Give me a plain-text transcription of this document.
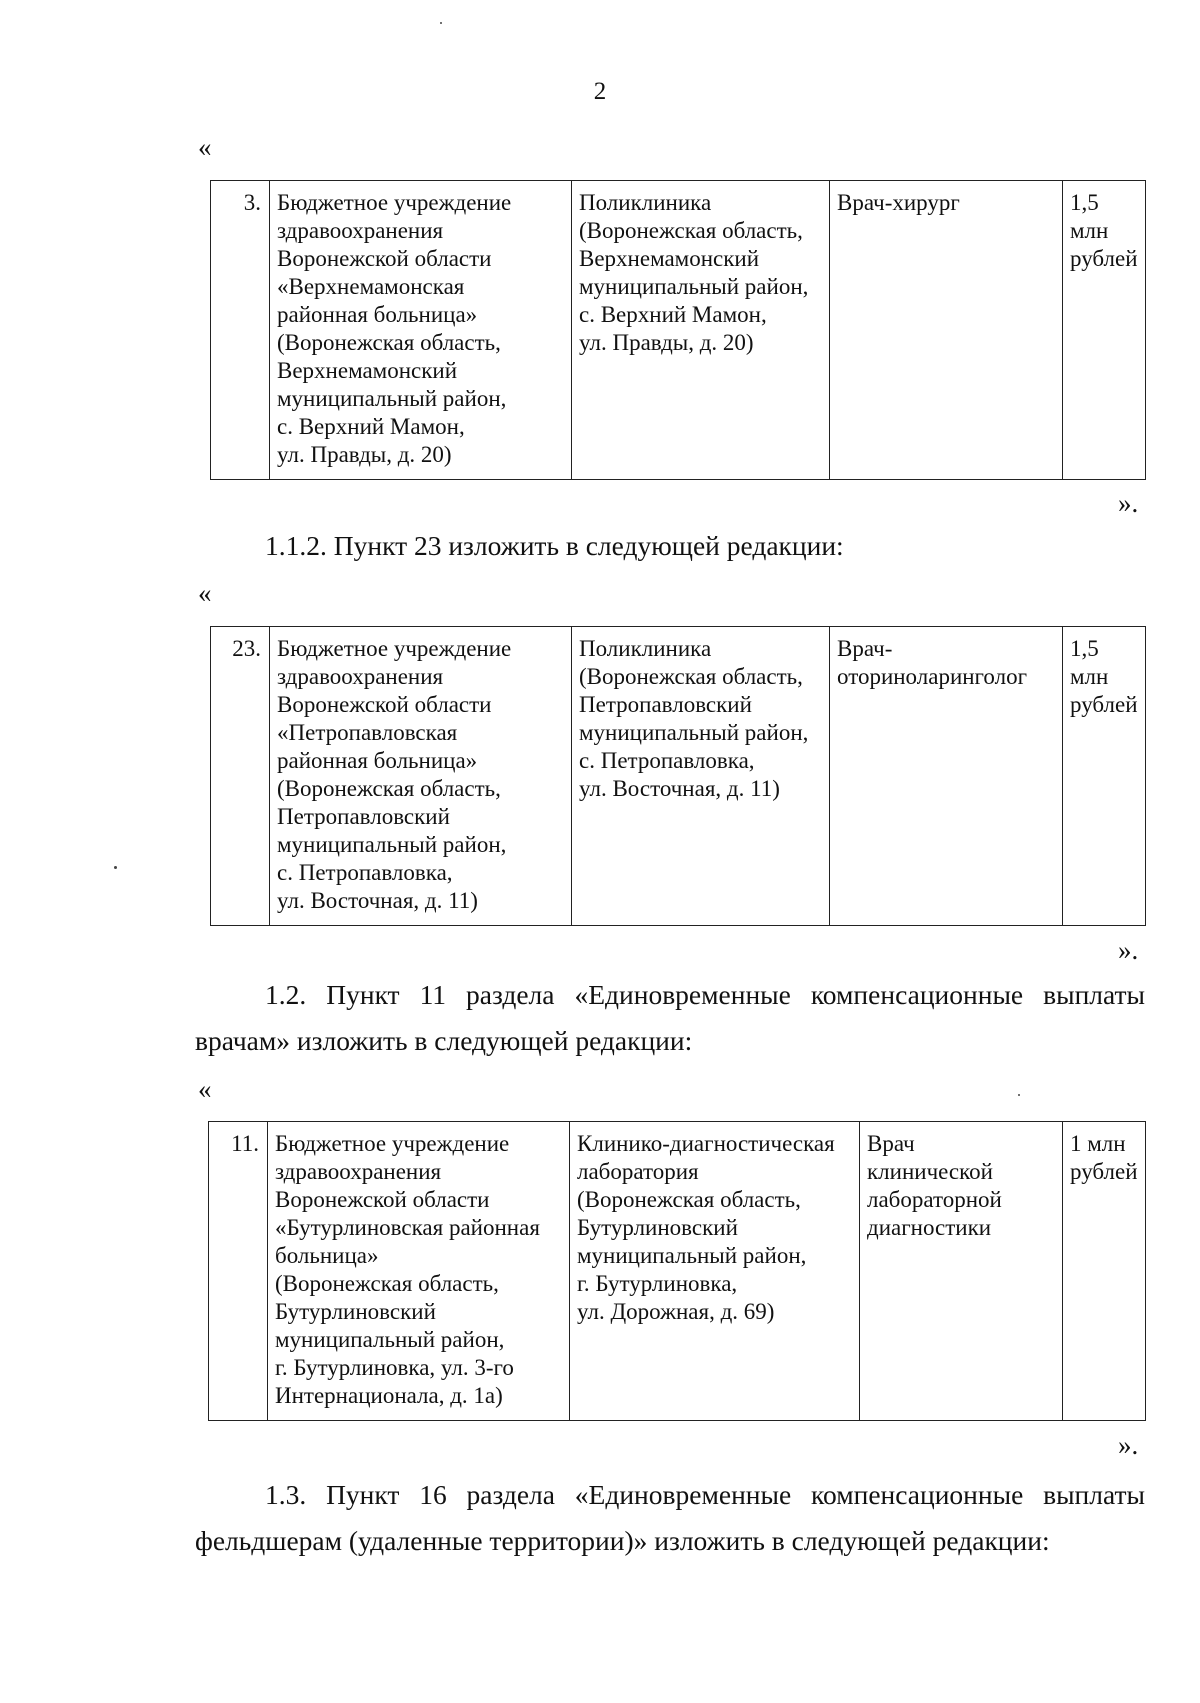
2
«
3.	Бюджетное учреждение
здравоохранения
Воронежской области
«Верхнемамонская
районная больница»
(Воронежская область,
Верхнемамонский
муниципальный район,
с. Верхний Мамон,
ул. Правды, д. 20)	Поликлиника
(Воронежская область,
Верхнемамонский
муниципальный район,
с. Верхний Мамон,
ул. Правды, д. 20)	Врач-хирург	1,5
млн
рублей
».
1.1.2. Пункт 23 изложить в следующей редакции:
«
23.	Бюджетное учреждение
здравоохранения
Воронежской области
«Петропавловская
районная больница»
(Воронежская область,
Петропавловский
муниципальный район,
с. Петропавловка,
ул. Восточная, д. 11)	Поликлиника
(Воронежская область,
Петропавловский
муниципальный район,
с. Петропавловка,
ул. Восточная, д. 11)	Врач-
оториноларинголог	1,5
млн
рублей
».
1.2. Пункт 11 раздела «Единовременные компенсационные выплаты врачам» изложить в следующей редакции:
«
11.	Бюджетное учреждение
здравоохранения
Воронежской области
«Бутурлиновская районная
больница»
(Воронежская область,
Бутурлиновский
муниципальный район,
г. Бутурлиновка, ул. 3-го
Интернационала, д. 1а)	Клинико-диагностическая
лаборатория
(Воронежская область,
Бутурлиновский
муниципальный район,
г. Бутурлиновка,
ул. Дорожная, д. 69)	Врач
клинической
лабораторной
диагностики	1 млн
рублей
».
1.3. Пункт 16 раздела «Единовременные компенсационные выплаты фельдшерам (удаленные территории)» изложить в следующей редакции:
